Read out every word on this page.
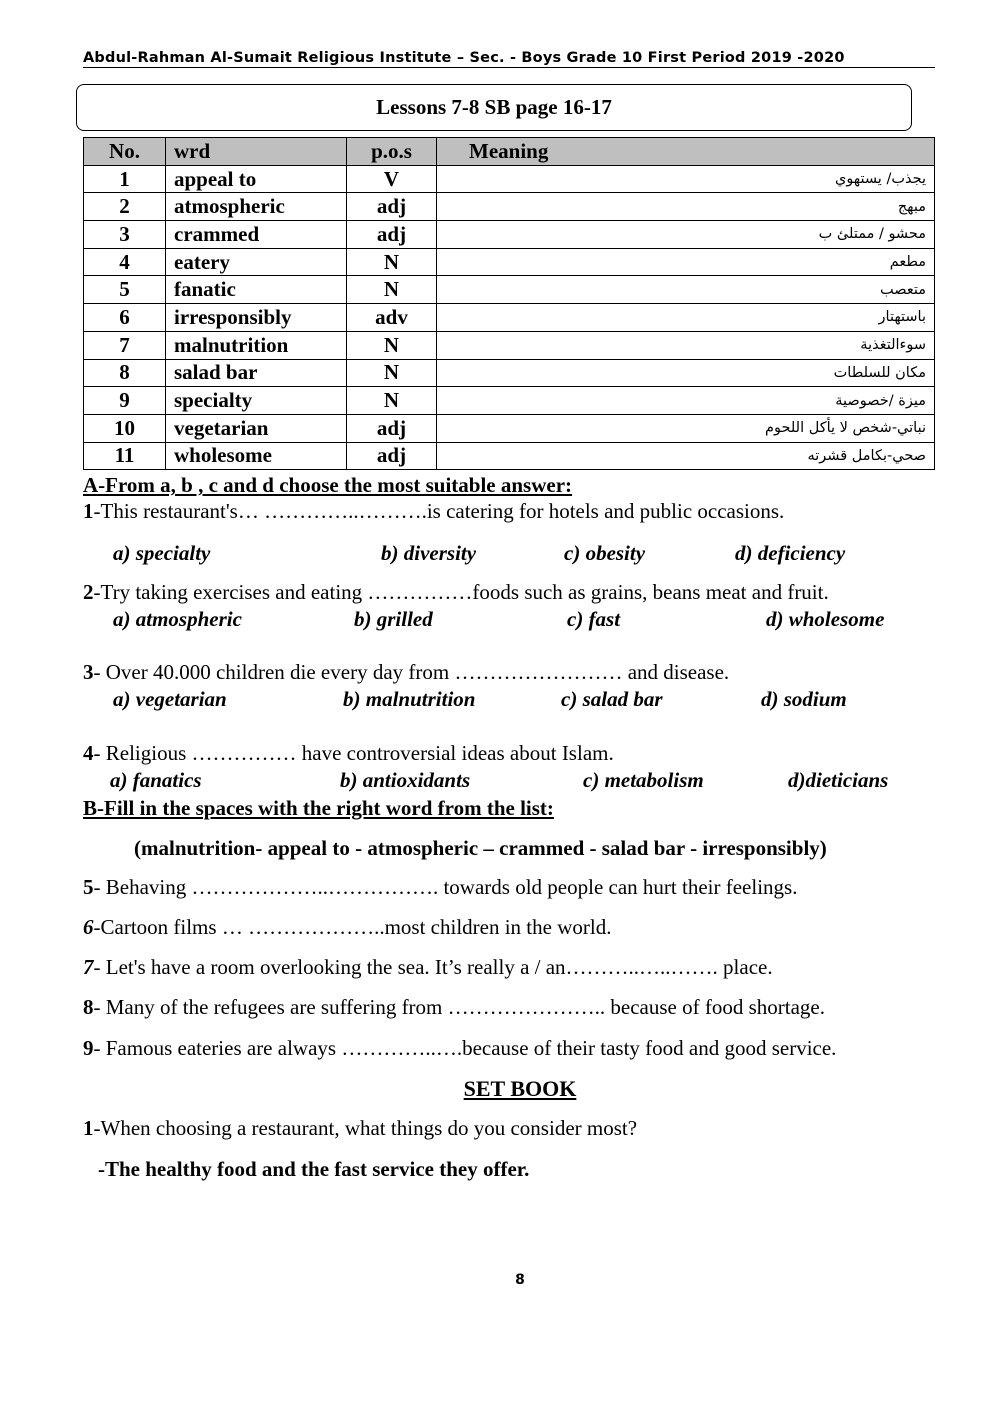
Abdul-Rahman Al-Sumait Religious Institute – Sec. - Boys Grade 10 First Period 2019 -2020
Lessons 7-8 SB page 16-17
No.	wrd	p.o.s	Meaning
1	appeal to	V	يجذب/ يستهوي
2	atmospheric	adj	مبهج
3	crammed	adj	محشو / ممتلئ ب
4	eatery	N	مطعم
5	fanatic	N	متعصب
6	irresponsibly	adv	باستهتار
7	malnutrition	N	سوءالتغذية
8	salad bar	N	مكان للسلطات
9	specialty	N	ميزة /خصوصية
10	vegetarian	adj	نباتي-شخص لا يأكل اللحوم
11	wholesome	adj	صحي-بكامل قشرته
A-From a, b , c and d choose the most suitable answer:
1-This restaurant's… …………..……….is catering for hotels and public occasions.
a) specialty	b) diversity	c) obesity	d) deficiency
2-Try taking exercises and eating ……………foods such as grains, beans meat and fruit.
a) atmospheric	b) grilled	c) fast	d) wholesome
3- Over 40.000 children die every day from …………………… and disease.
a) vegetarian	b) malnutrition	c) salad bar	d) sodium
4- Religious …………… have controversial ideas about Islam.
a) fanatics	b) antioxidants	c) metabolism	d)dieticians
B-Fill in the spaces with the right word from the list:
(malnutrition- appeal to - atmospheric – crammed - salad bar - irresponsibly)
5- Behaving ………………..……………. towards old people can hurt their feelings.
6-Cartoon films … ………………..most children in the world.
7- Let's have a room overlooking the sea. It’s really a / an………..…..……. place.
8- Many of the refugees are suffering from ………………….. because of food shortage.
9- Famous eateries are always …………..….because of their tasty food and good service.
SET BOOK
1-When choosing a restaurant, what things do you consider most?
-The healthy food and the fast service they offer.
8
